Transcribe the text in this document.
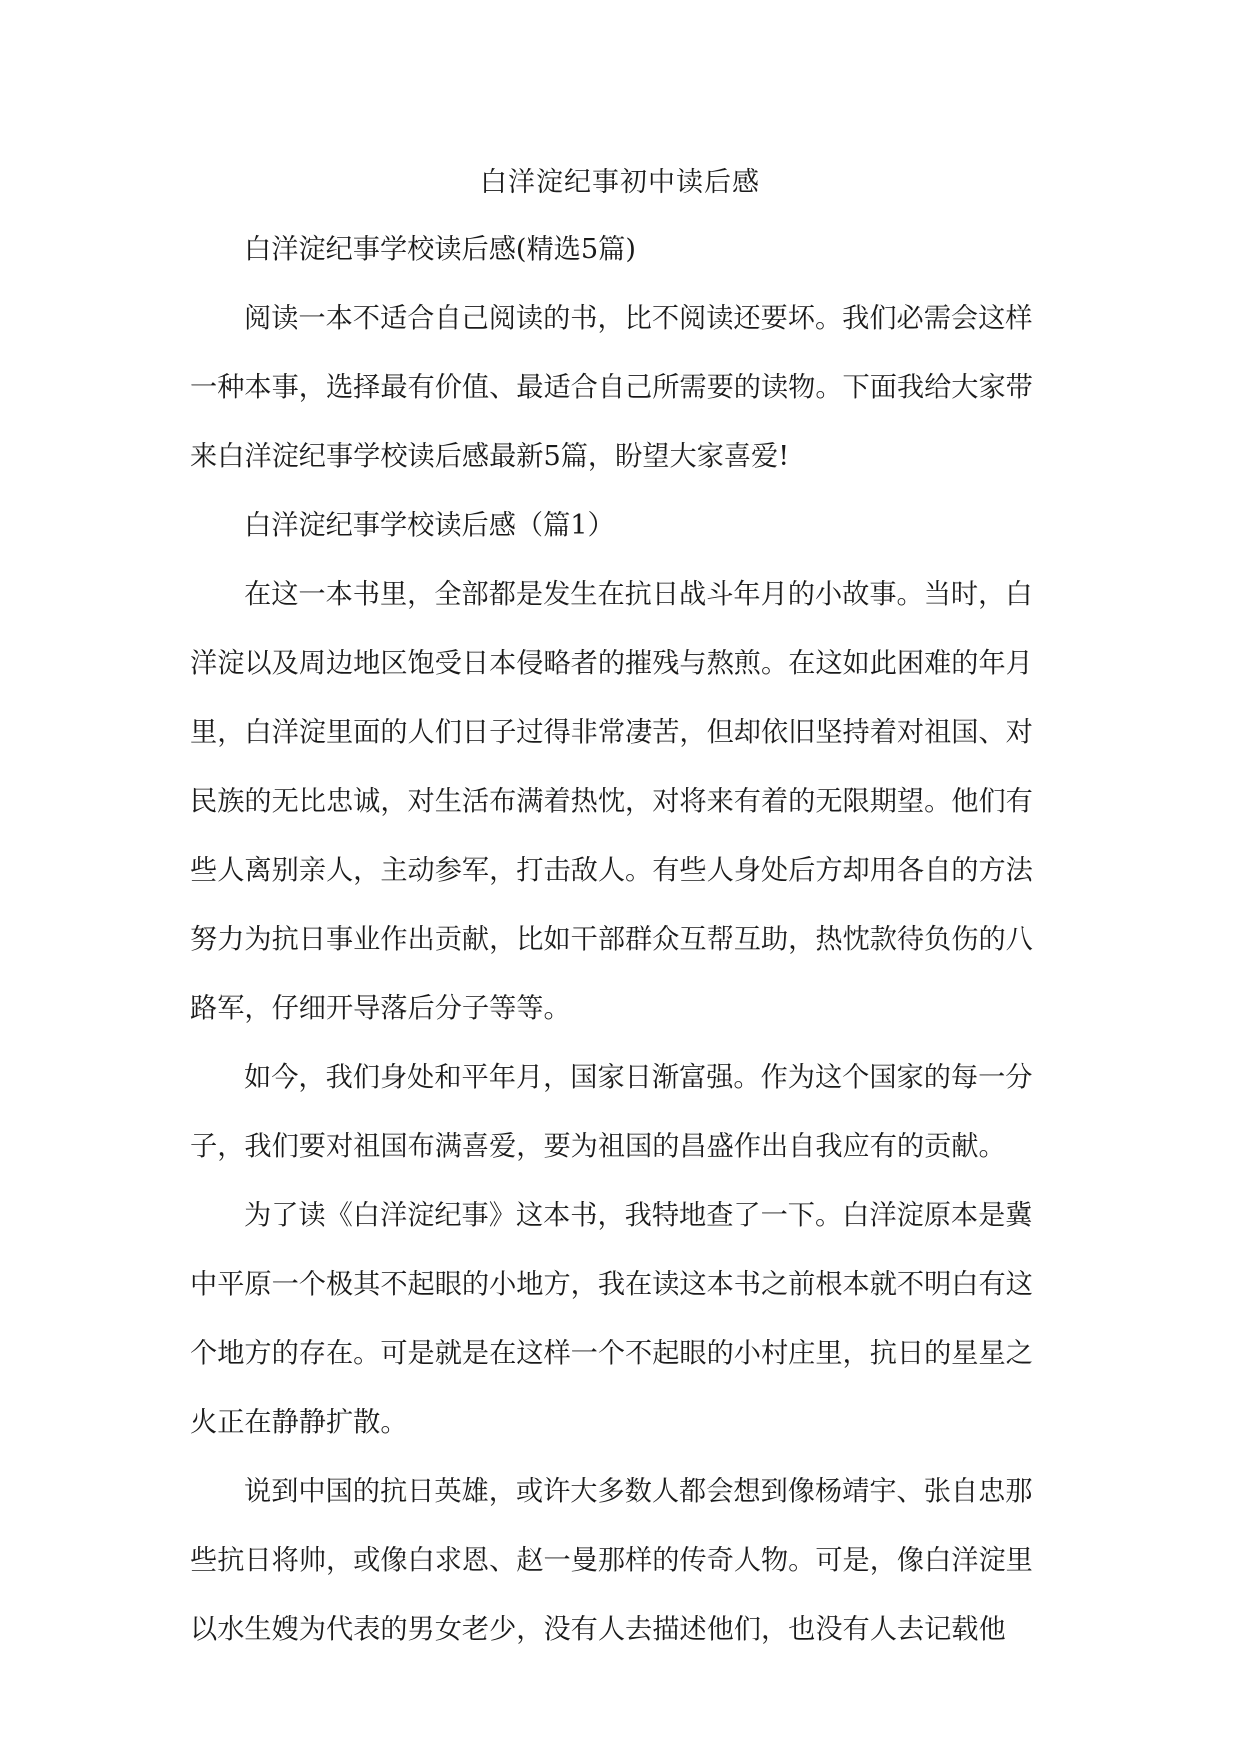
白洋淀纪事初中读后感
白洋淀纪事学校读后感(精选5篇)
阅读一本不适合自己阅读的书，比不阅读还要坏。我们必需会这样
一种本事，选择最有价值、最适合自己所需要的读物。下面我给大家带
来白洋淀纪事学校读后感最新5篇，盼望大家喜爱!
白洋淀纪事学校读后感（篇1）
在这一本书里，全部都是发生在抗日战斗年月的小故事。当时，白
洋淀以及周边地区饱受日本侵略者的摧残与熬煎。在这如此困难的年月
里，白洋淀里面的人们日子过得非常凄苦，但却依旧坚持着对祖国、对
民族的无比忠诚，对生活布满着热忱，对将来有着的无限期望。他们有
些人离别亲人，主动参军，打击敌人。有些人身处后方却用各自的方法
努力为抗日事业作出贡献，比如干部群众互帮互助，热忱款待负伤的八
路军，仔细开导落后分子等等。
如今，我们身处和平年月，国家日渐富强。作为这个国家的每一分
子，我们要对祖国布满喜爱，要为祖国的昌盛作出自我应有的贡献。
为了读《白洋淀纪事》这本书，我特地查了一下。白洋淀原本是冀
中平原一个极其不起眼的小地方，我在读这本书之前根本就不明白有这
个地方的存在。可是就是在这样一个不起眼的小村庄里，抗日的星星之
火正在静静扩散。
说到中国的抗日英雄，或许大多数人都会想到像杨靖宇、张自忠那
些抗日将帅，或像白求恩、赵一曼那样的传奇人物。可是，像白洋淀里
以水生嫂为代表的男女老少，没有人去描述他们，也没有人去记载他
